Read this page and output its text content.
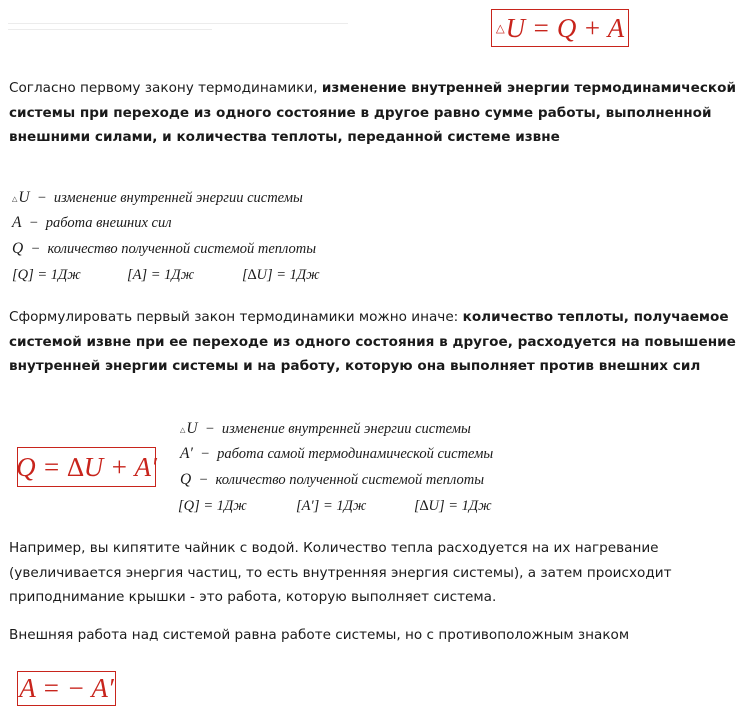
△ U = Q + A

Согласно первому закону термодинамики, изменение внутренней энергии термодинамической системы при переходе из одного состояние в другое равно сумме работы, выполненной внешними силами, и количества теплоты, переданной системе извне

△U  −  изменение внутренней энергии системы
A  −  работа внешних сил
Q  −  количество полученной системой теплоты
[Q] = 1Дж	[A] = 1Дж	[∆U] = 1Дж

Сформулировать первый закон термодинамики можно иначе: количество теплоты, получаемое системой извне при ее переходе из одного состояния в другое, расходуется на повышение внутренней энергии системы и на работу, которую она выполняет против внешних сил

Q = ∆U + A′
△U  −  изменение внутренней энергии системы
A′  −  работа самой термодинамической системы
Q  −  количество полученной системой теплоты
[Q] = 1Дж	[A′] = 1Дж	[∆U] = 1Дж

Например, вы кипятите чайник с водой. Количество тепла расходуется на их нагревание (увеличивается энергия частиц, то есть внутренняя энергия системы), а затем происходит приподнимание крышки - это работа, которую выполняет система.

Внешняя работа над системой равна работе системы, но с противоположным знаком

A = − A′
